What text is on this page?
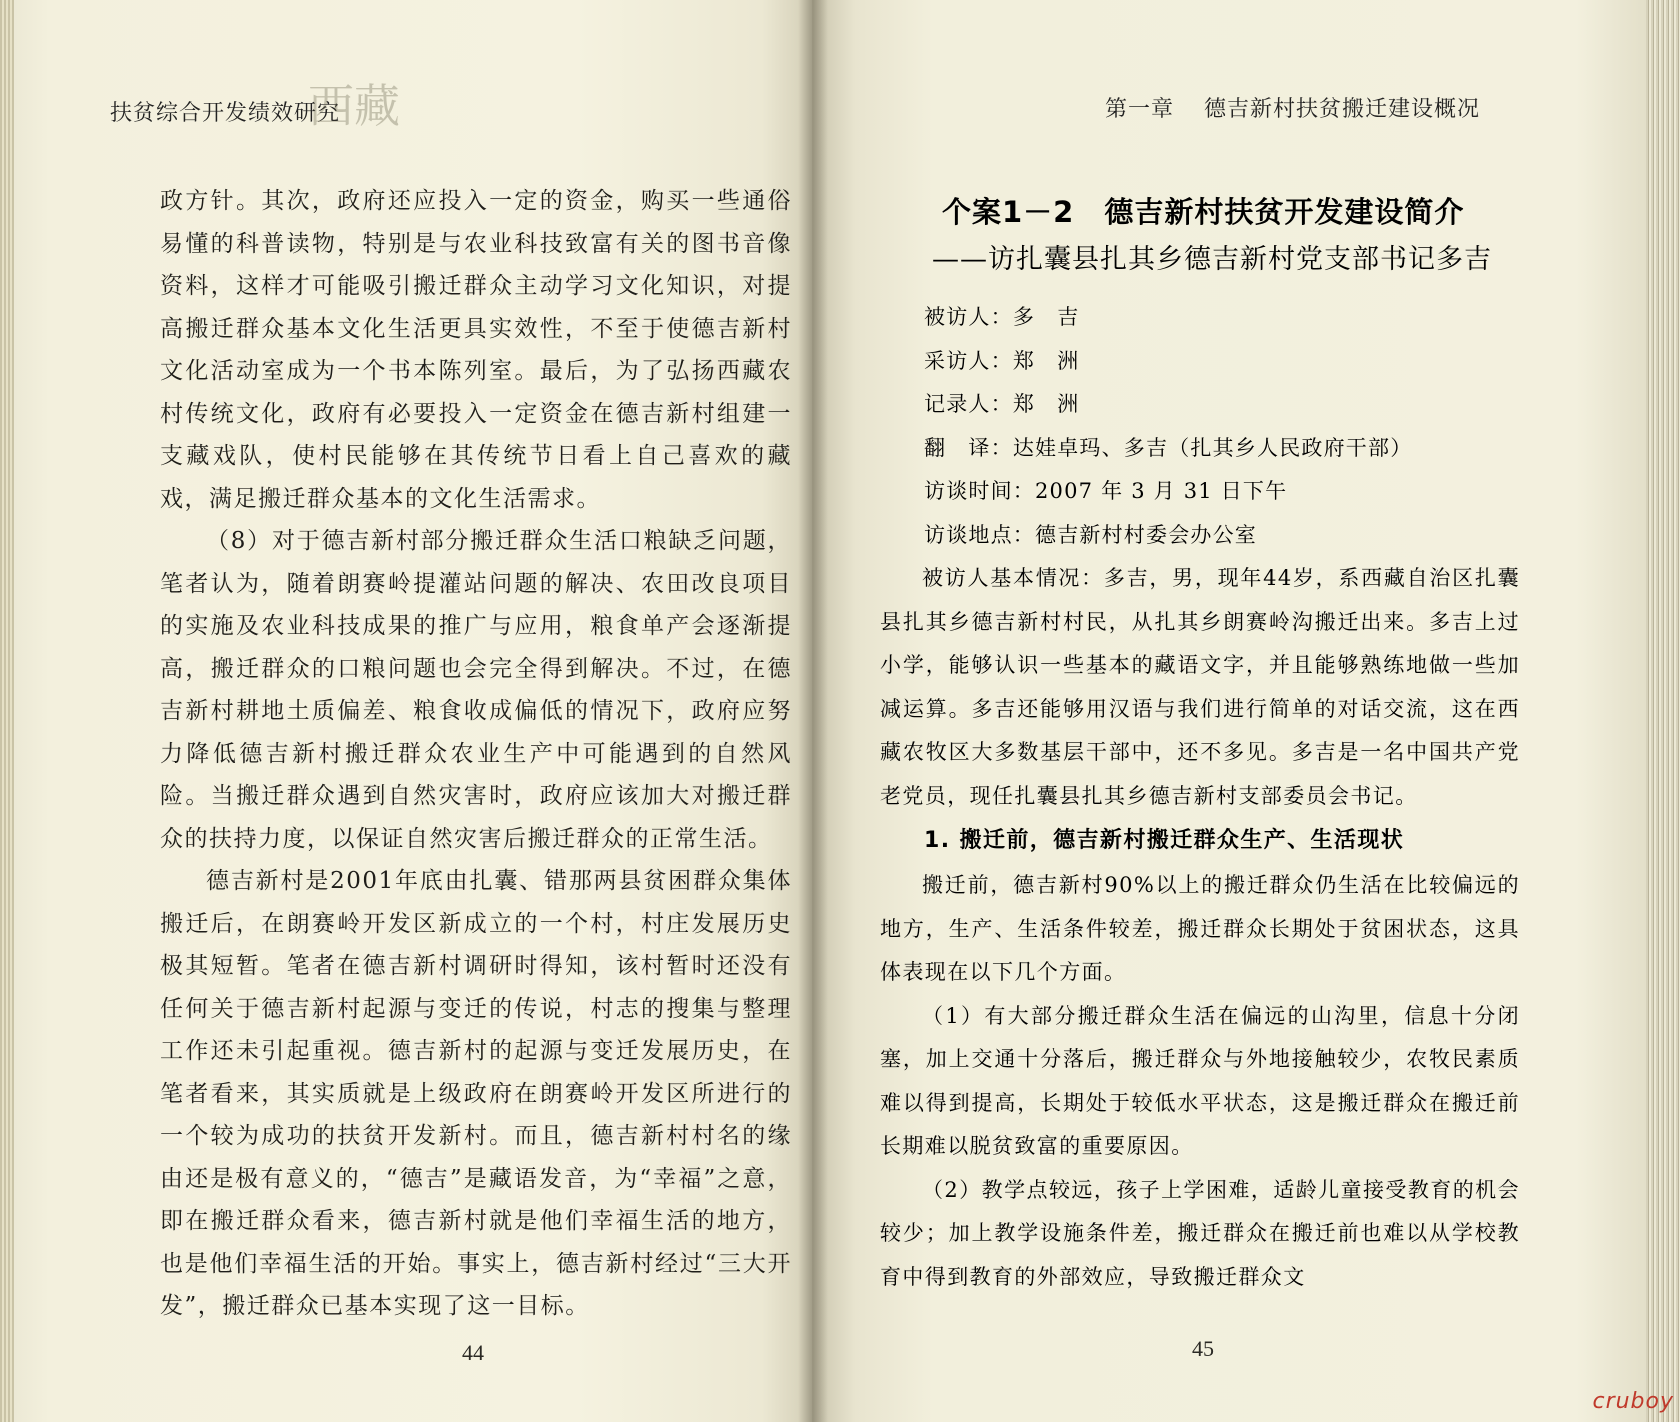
扶贫综合开发绩效研究
西藏

政方针。其次，政府还应投入一定的资金，购买一些通俗易懂的科普读物，特别是与农业科技致富有关的图书音像资料，这样才可能吸引搬迁群众主动学习文化知识，对提高搬迁群众基本文化生活更具实效性，不至于使德吉新村文化活动室成为一个书本陈列室。最后，为了弘扬西藏农村传统文化，政府有必要投入一定资金在德吉新村组建一支藏戏队，使村民能够在其传统节日看上自己喜欢的藏戏，满足搬迁群众基本的文化生活需求。

（8）对于德吉新村部分搬迁群众生活口粮缺乏问题，笔者认为，随着朗赛岭提灌站问题的解决、农田改良项目的实施及农业科技成果的推广与应用，粮食单产会逐渐提高，搬迁群众的口粮问题也会完全得到解决。不过，在德吉新村耕地土质偏差、粮食收成偏低的情况下，政府应努力降低德吉新村搬迁群众农业生产中可能遇到的自然风险。当搬迁群众遇到自然灾害时，政府应该加大对搬迁群众的扶持力度，以保证自然灾害后搬迁群众的正常生活。

德吉新村是2001年底由扎囊、错那两县贫困群众集体搬迁后，在朗赛岭开发区新成立的一个村，村庄发展历史极其短暂。笔者在德吉新村调研时得知，该村暂时还没有任何关于德吉新村起源与变迁的传说，村志的搜集与整理工作还未引起重视。德吉新村的起源与变迁发展历史，在笔者看来，其实质就是上级政府在朗赛岭开发区所进行的一个较为成功的扶贫开发新村。而且，德吉新村村名的缘由还是极有意义的，“德吉”是藏语发音，为“幸福”之意，即在搬迁群众看来，德吉新村就是他们幸福生活的地方，也是他们幸福生活的开始。事实上，德吉新村经过“三大开发”，搬迁群众已基本实现了这一目标。

44
第一章 德吉新村扶贫搬迁建设概况
个案1－2　德吉新村扶贫开发建设简介
——访扎囊县扎其乡德吉新村党支部书记多吉

被访人：多　吉

采访人：郑　洲

记录人：郑　洲

翻　译：达娃卓玛、多吉（扎其乡人民政府干部）

访谈时间：2007 年 3 月 31 日下午

访谈地点：德吉新村村委会办公室

被访人基本情况：多吉，男，现年44岁，系西藏自治区扎囊县扎其乡德吉新村村民，从扎其乡朗赛岭沟搬迁出来。多吉上过小学，能够认识一些基本的藏语文字，并且能够熟练地做一些加减运算。多吉还能够用汉语与我们进行简单的对话交流，这在西藏农牧区大多数基层干部中，还不多见。多吉是一名中国共产党老党员，现任扎囊县扎其乡德吉新村支部委员会书记。

1. 搬迁前，德吉新村搬迁群众生产、生活现状

搬迁前，德吉新村90%以上的搬迁群众仍生活在比较偏远的地方，生产、生活条件较差，搬迁群众长期处于贫困状态，这具体表现在以下几个方面。

（1）有大部分搬迁群众生活在偏远的山沟里，信息十分闭塞，加上交通十分落后，搬迁群众与外地接触较少，农牧民素质难以得到提高，长期处于较低水平状态，这是搬迁群众在搬迁前长期难以脱贫致富的重要原因。

（2）教学点较远，孩子上学困难，适龄儿童接受教育的机会较少；加上教学设施条件差，搬迁群众在搬迁前也难以从学校教育中得到教育的外部效应，导致搬迁群众文

45
cruboy
